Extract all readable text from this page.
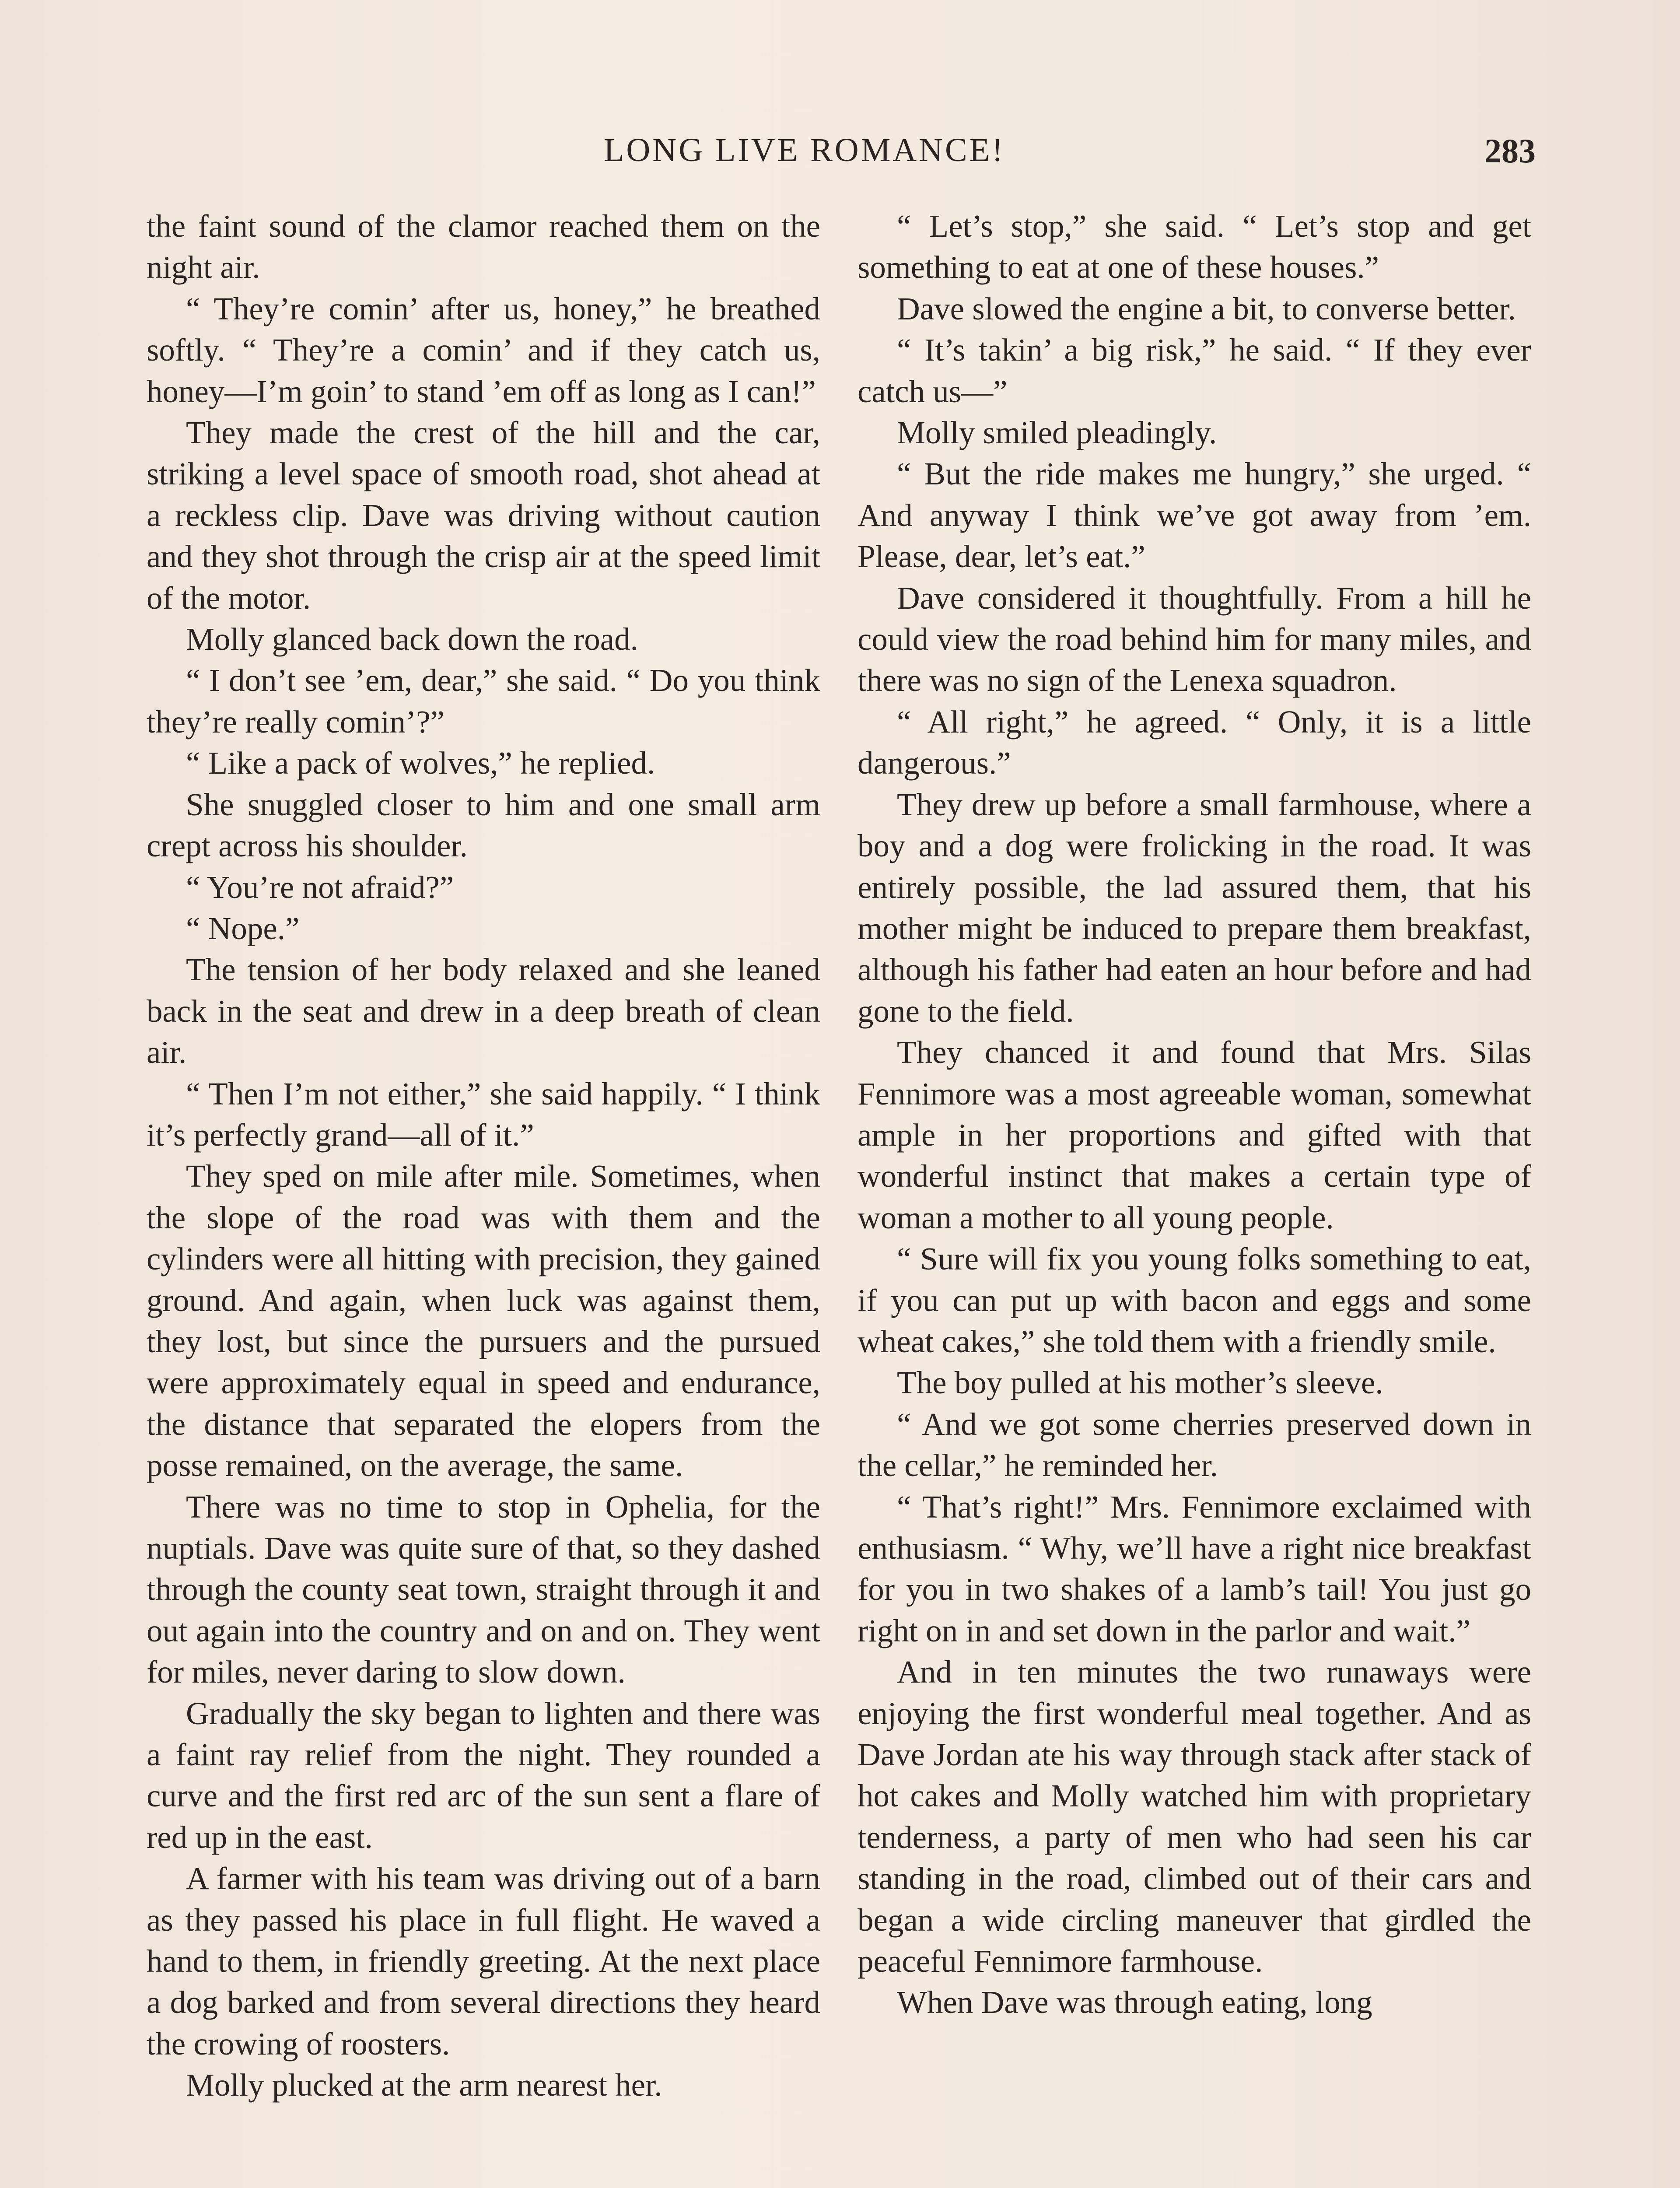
LONG LIVE ROMANCE!	283

the faint sound of the clamor reached them on the night air.

“ They’re comin’ after us, honey,” he breathed softly. “ They’re a comin’ and if they catch us, honey—I’m goin’ to stand ’em off as long as I can!”

They made the crest of the hill and the car, striking a level space of smooth road, shot ahead at a reckless clip. Dave was driving without caution and they shot through the crisp air at the speed limit of the motor.

Molly glanced back down the road.

“ I don’t see ’em, dear,” she said. “ Do you think they’re really comin’?”

“ Like a pack of wolves,” he replied.

She snuggled closer to him and one small arm crept across his shoulder.

“ You’re not afraid?”

“ Nope.”

The tension of her body relaxed and she leaned back in the seat and drew in a deep breath of clean air.

“ Then I’m not either,” she said happily. “ I think it’s perfectly grand—all of it.”

They sped on mile after mile. Sometimes, when the slope of the road was with them and the cylinders were all hitting with precision, they gained ground. And again, when luck was against them, they lost, but since the pursuers and the pursued were approximately equal in speed and endurance, the distance that separated the elopers from the posse remained, on the average, the same.

There was no time to stop in Ophelia, for the nuptials. Dave was quite sure of that, so they dashed through the county seat town, straight through it and out again into the country and on and on. They went for miles, never daring to slow down.

Gradually the sky began to lighten and there was a faint ray relief from the night. They rounded a curve and the first red arc of the sun sent a flare of red up in the east.

A farmer with his team was driving out of a barn as they passed his place in full flight. He waved a hand to them, in friendly greeting. At the next place a dog barked and from several directions they heard the crowing of roosters.

Molly plucked at the arm nearest her.

“ Let’s stop,” she said. “ Let’s stop and get something to eat at one of these houses.”

Dave slowed the engine a bit, to converse better.

“ It’s takin’ a big risk,” he said. “ If they ever catch us—”

Molly smiled pleadingly.

“ But the ride makes me hungry,” she urged. “ And anyway I think we’ve got away from ’em. Please, dear, let’s eat.”

Dave considered it thoughtfully. From a hill he could view the road behind him for many miles, and there was no sign of the Lenexa squadron.

“ All right,” he agreed. “ Only, it is a little dangerous.”

They drew up before a small farmhouse, where a boy and a dog were frolicking in the road. It was entirely possible, the lad assured them, that his mother might be induced to prepare them breakfast, although his father had eaten an hour before and had gone to the field.

They chanced it and found that Mrs. Silas Fennimore was a most agreeable woman, somewhat ample in her proportions and gifted with that wonderful instinct that makes a certain type of woman a mother to all young people.

“ Sure will fix you young folks something to eat, if you can put up with bacon and eggs and some wheat cakes,” she told them with a friendly smile.

The boy pulled at his mother’s sleeve.

“ And we got some cherries preserved down in the cellar,” he reminded her.

“ That’s right!” Mrs. Fennimore exclaimed with enthusiasm. “ Why, we’ll have a right nice breakfast for you in two shakes of a lamb’s tail! You just go right on in and set down in the parlor and wait.”

And in ten minutes the two runaways were enjoying the first wonderful meal together. And as Dave Jordan ate his way through stack after stack of hot cakes and Molly watched him with proprietary tenderness, a party of men who had seen his car standing in the road, climbed out of their cars and began a wide circling maneuver that girdled the peaceful Fennimore farmhouse.

When Dave was through eating, long
